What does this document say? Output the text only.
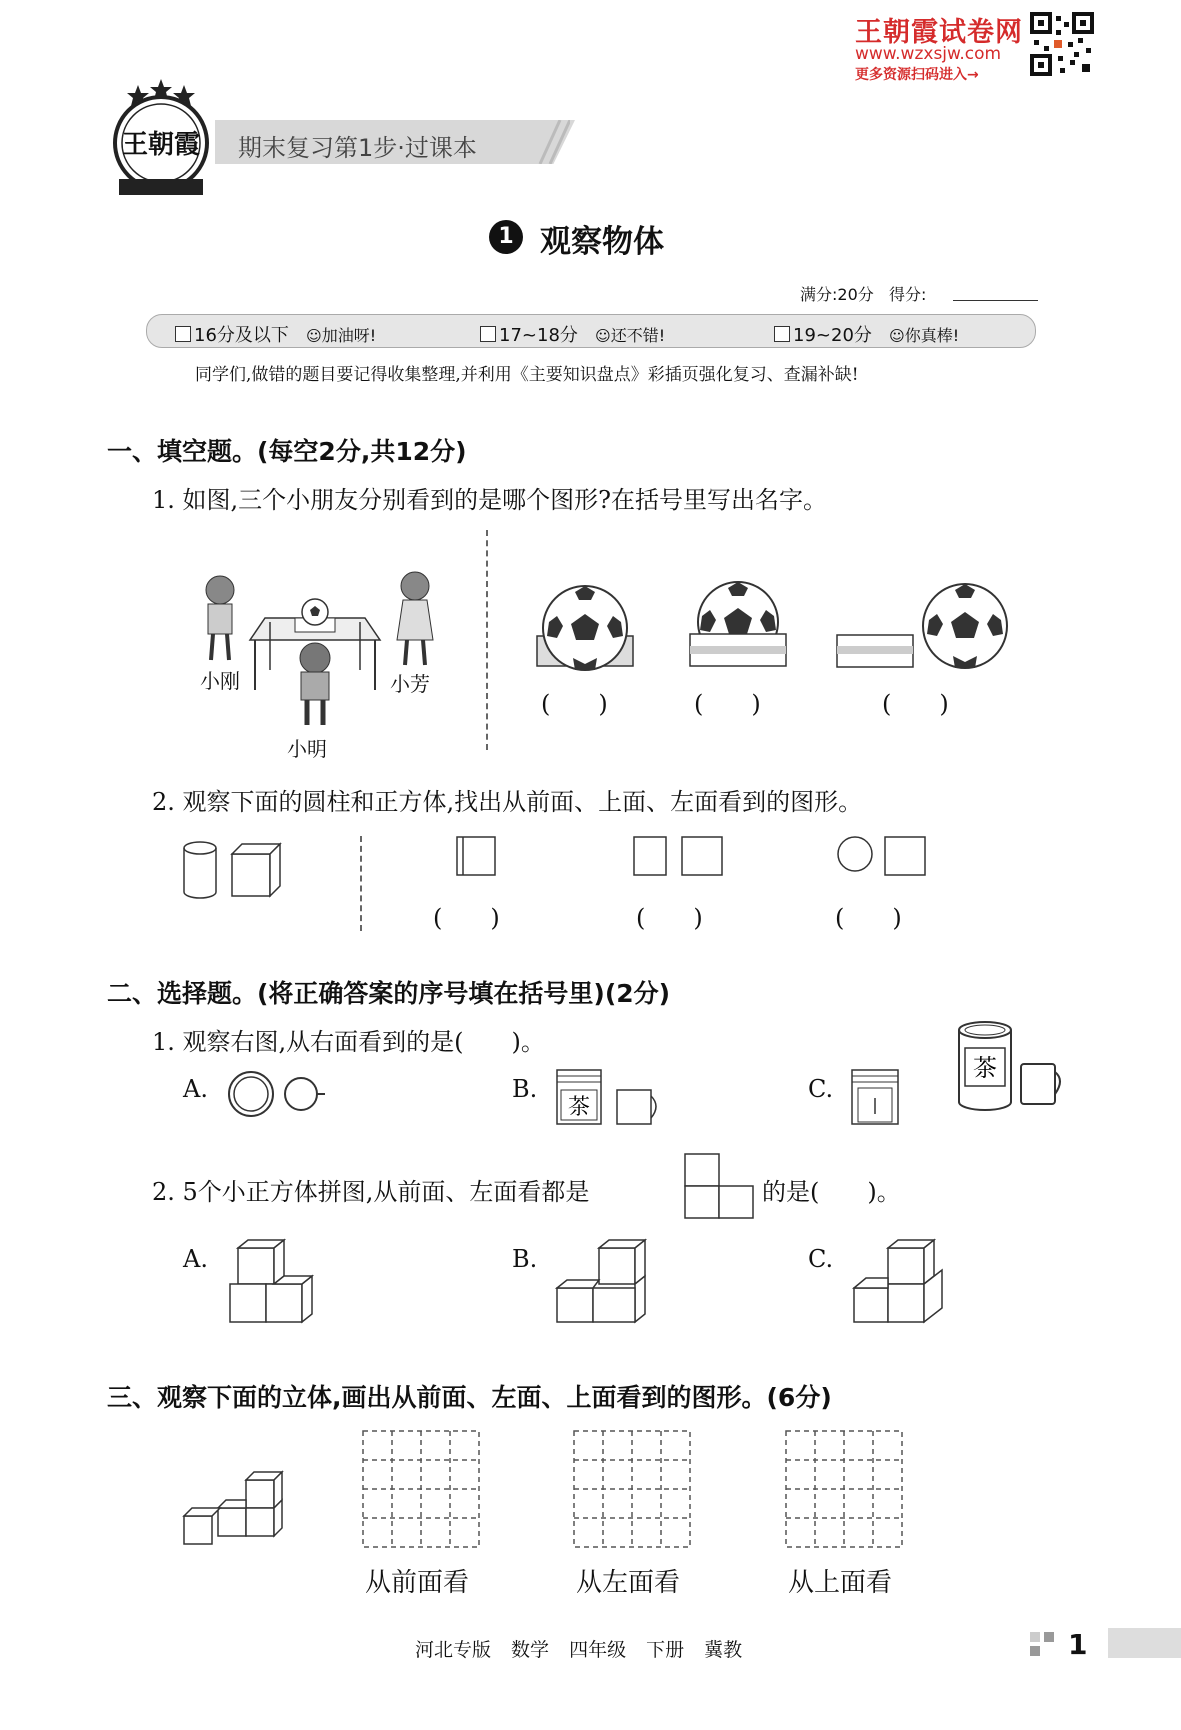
王朝霞试卷网
www.wzxsjw.com
更多资源扫码进入→
王朝霞 期末复习第1步·过课本
1 观察物体
满分:20分 得分:
16分及以下 ☺加油呀!	17~18分 ☺还不错!	19~20分 ☺你真棒!
同学们,做错的题目要记得收集整理,并利用《主要知识盘点》彩插页强化复习、查漏补缺!
一、填空题。(每空2分,共12分)
1. 如图,三个小朋友分别看到的是哪个图形?在括号里写出名字。
小刚	小芳
小明
(　　)	(　　)	(　　)
2. 观察下面的圆柱和正方体,找出从前面、上面、左面看到的图形。
(　　)	(　　)	(　　)
二、选择题。(将正确答案的序号填在括号里)(2分)
1. 观察右图,从右面看到的是(　　)。
茶
A.	B.
茶
C.
2. 5个小正方体拼图,从前面、左面看都是	的是(　　)。
A.	B.	C.
三、观察下面的立体,画出从前面、左面、上面看到的图形。(6分)
从前面看	从左面看	从上面看
河北专版 数学 四年级 下册 冀教	1
